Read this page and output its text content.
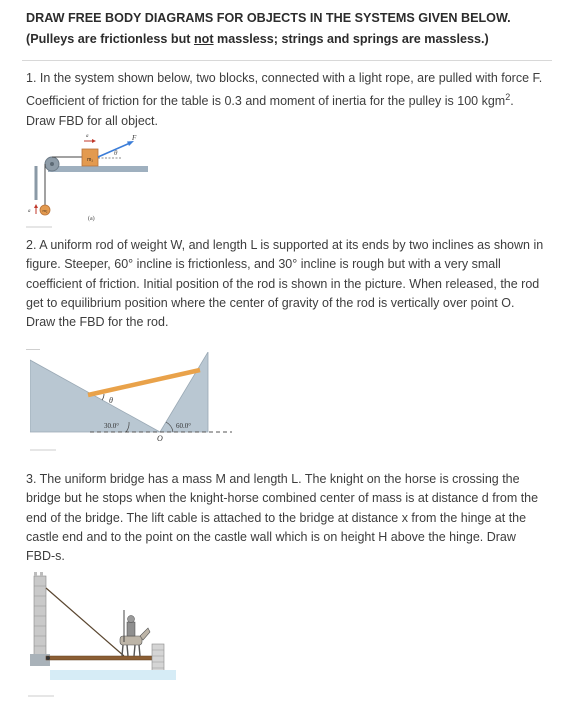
DRAW FREE BODY DIAGRAMS FOR OBJECTS IN THE SYSTEMS GIVEN BELOW. (Pulleys are frictionless but not massless; strings and springs are massless.)
1. In the system shown below, two blocks, connected with a light rope, are pulled with force F. Coefficient of friction for the table is 0.3 and moment of inertia for the pulley is 100 kgm$^2$. Draw FBD for all object.
m₁
θ
F
a
m₂
a
(a)
2. A uniform rod of weight W, and length L is supported at its ends by two inclines as shown in figure. Steeper, 60° incline is frictionless, and 30° incline is rough but with a very small coefficient of friction. Initial position of the rod is shown in the picture. When released, the rod get to equilibrium position where the center of gravity of the rod is vertically over point O. Draw the FBD for the rod.
θ
30.0°	60.0°
O
3. The uniform bridge has a mass M and length L. The knight on the horse is crossing the bridge but he stops when the knight-horse combined center of mass is at distance d from the end of the bridge. The lift cable is attached to the bridge at distance x from the hinge at the castle end and to the point on the castle wall which is on height H above the hinge. Draw FBD-s.
